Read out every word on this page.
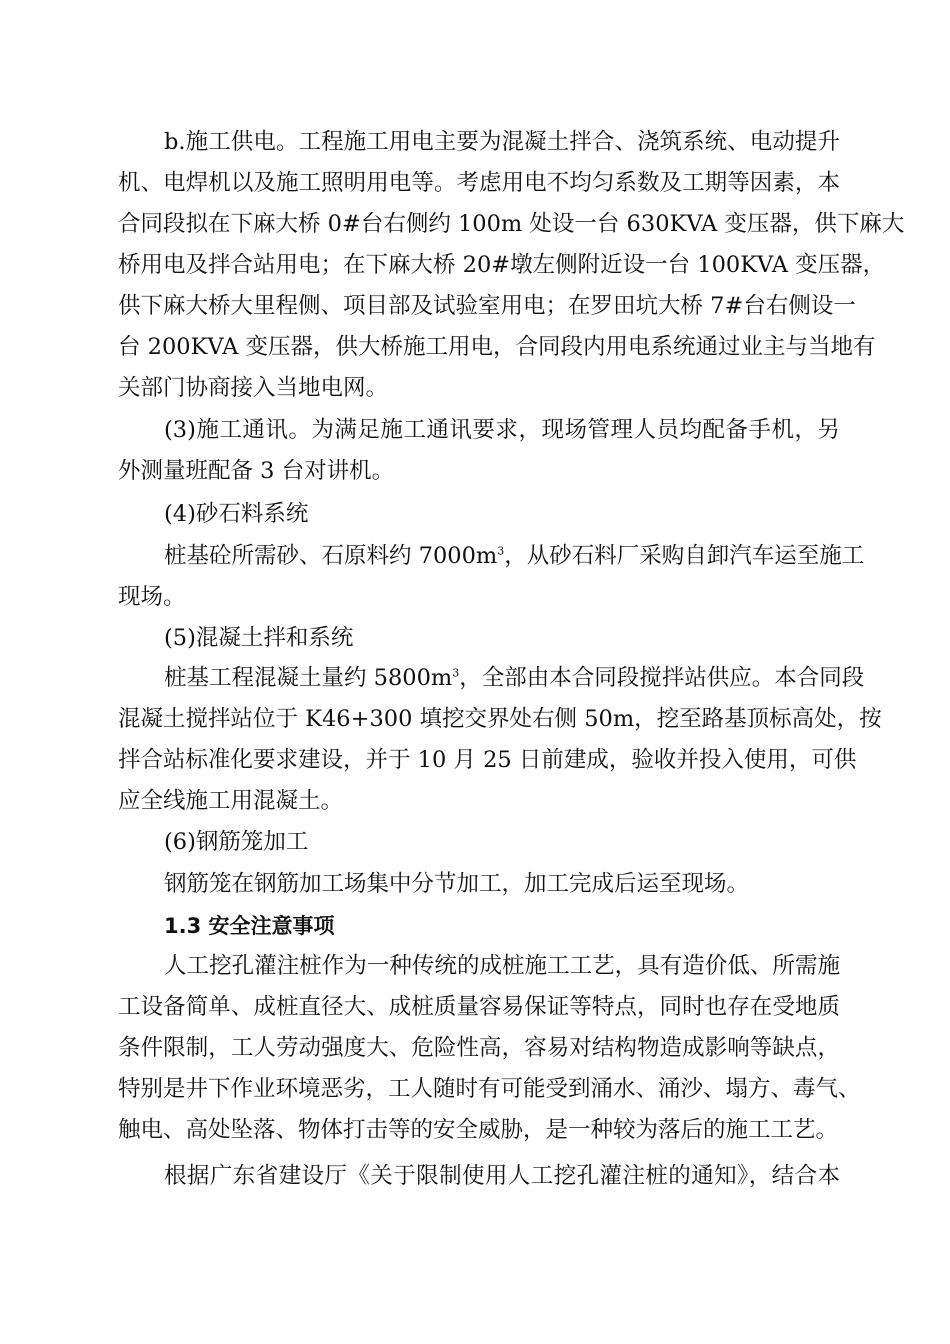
b.施工供电。工程施工用电主要为混凝土拌合、浇筑系统、电动提升
机、电焊机以及施工照明用电等。考虑用电不均匀系数及工期等因素，本
合同段拟在下麻大桥 0#台右侧约 100m 处设一台 630KVA 变压器，供下麻大
桥用电及拌合站用电；在下麻大桥 20#墩左侧附近设一台 100KVA 变压器，
供下麻大桥大里程侧、项目部及试验室用电；在罗田坑大桥 7#台右侧设一
台 200KVA 变压器，供大桥施工用电，合同段内用电系统通过业主与当地有
关部门协商接入当地电网。
(3)施工通讯。为满足施工通讯要求，现场管理人员均配备手机，另
外测量班配备 3 台对讲机。
(4)砂石料系统
桩基砼所需砂、石原料约 $7000m^3$，从砂石料厂采购自卸汽车运至施工
现场。
(5)混凝土拌和系统
桩基工程混凝土量约 $5800m^3$，全部由本合同段搅拌站供应。本合同段
混凝土搅拌站位于 K46+300 填挖交界处右侧 50m，挖至路基顶标高处，按
拌合站标准化要求建设，并于 10 月 25 日前建成，验收并投入使用，可供
应全线施工用混凝土。
(6)钢筋笼加工
钢筋笼在钢筋加工场集中分节加工，加工完成后运至现场。
1.3 安全注意事项
人工挖孔灌注桩作为一种传统的成桩施工工艺，具有造价低、所需施
工设备简单、成桩直径大、成桩质量容易保证等特点，同时也存在受地质
条件限制，工人劳动强度大、危险性高，容易对结构物造成影响等缺点，
特别是井下作业环境恶劣，工人随时有可能受到涌水、涌沙、塌方、毒气、
触电、高处坠落、物体打击等的安全威胁，是一种较为落后的施工工艺。
根据广东省建设厅《关于限制使用人工挖孔灌注桩的通知》，结合本
